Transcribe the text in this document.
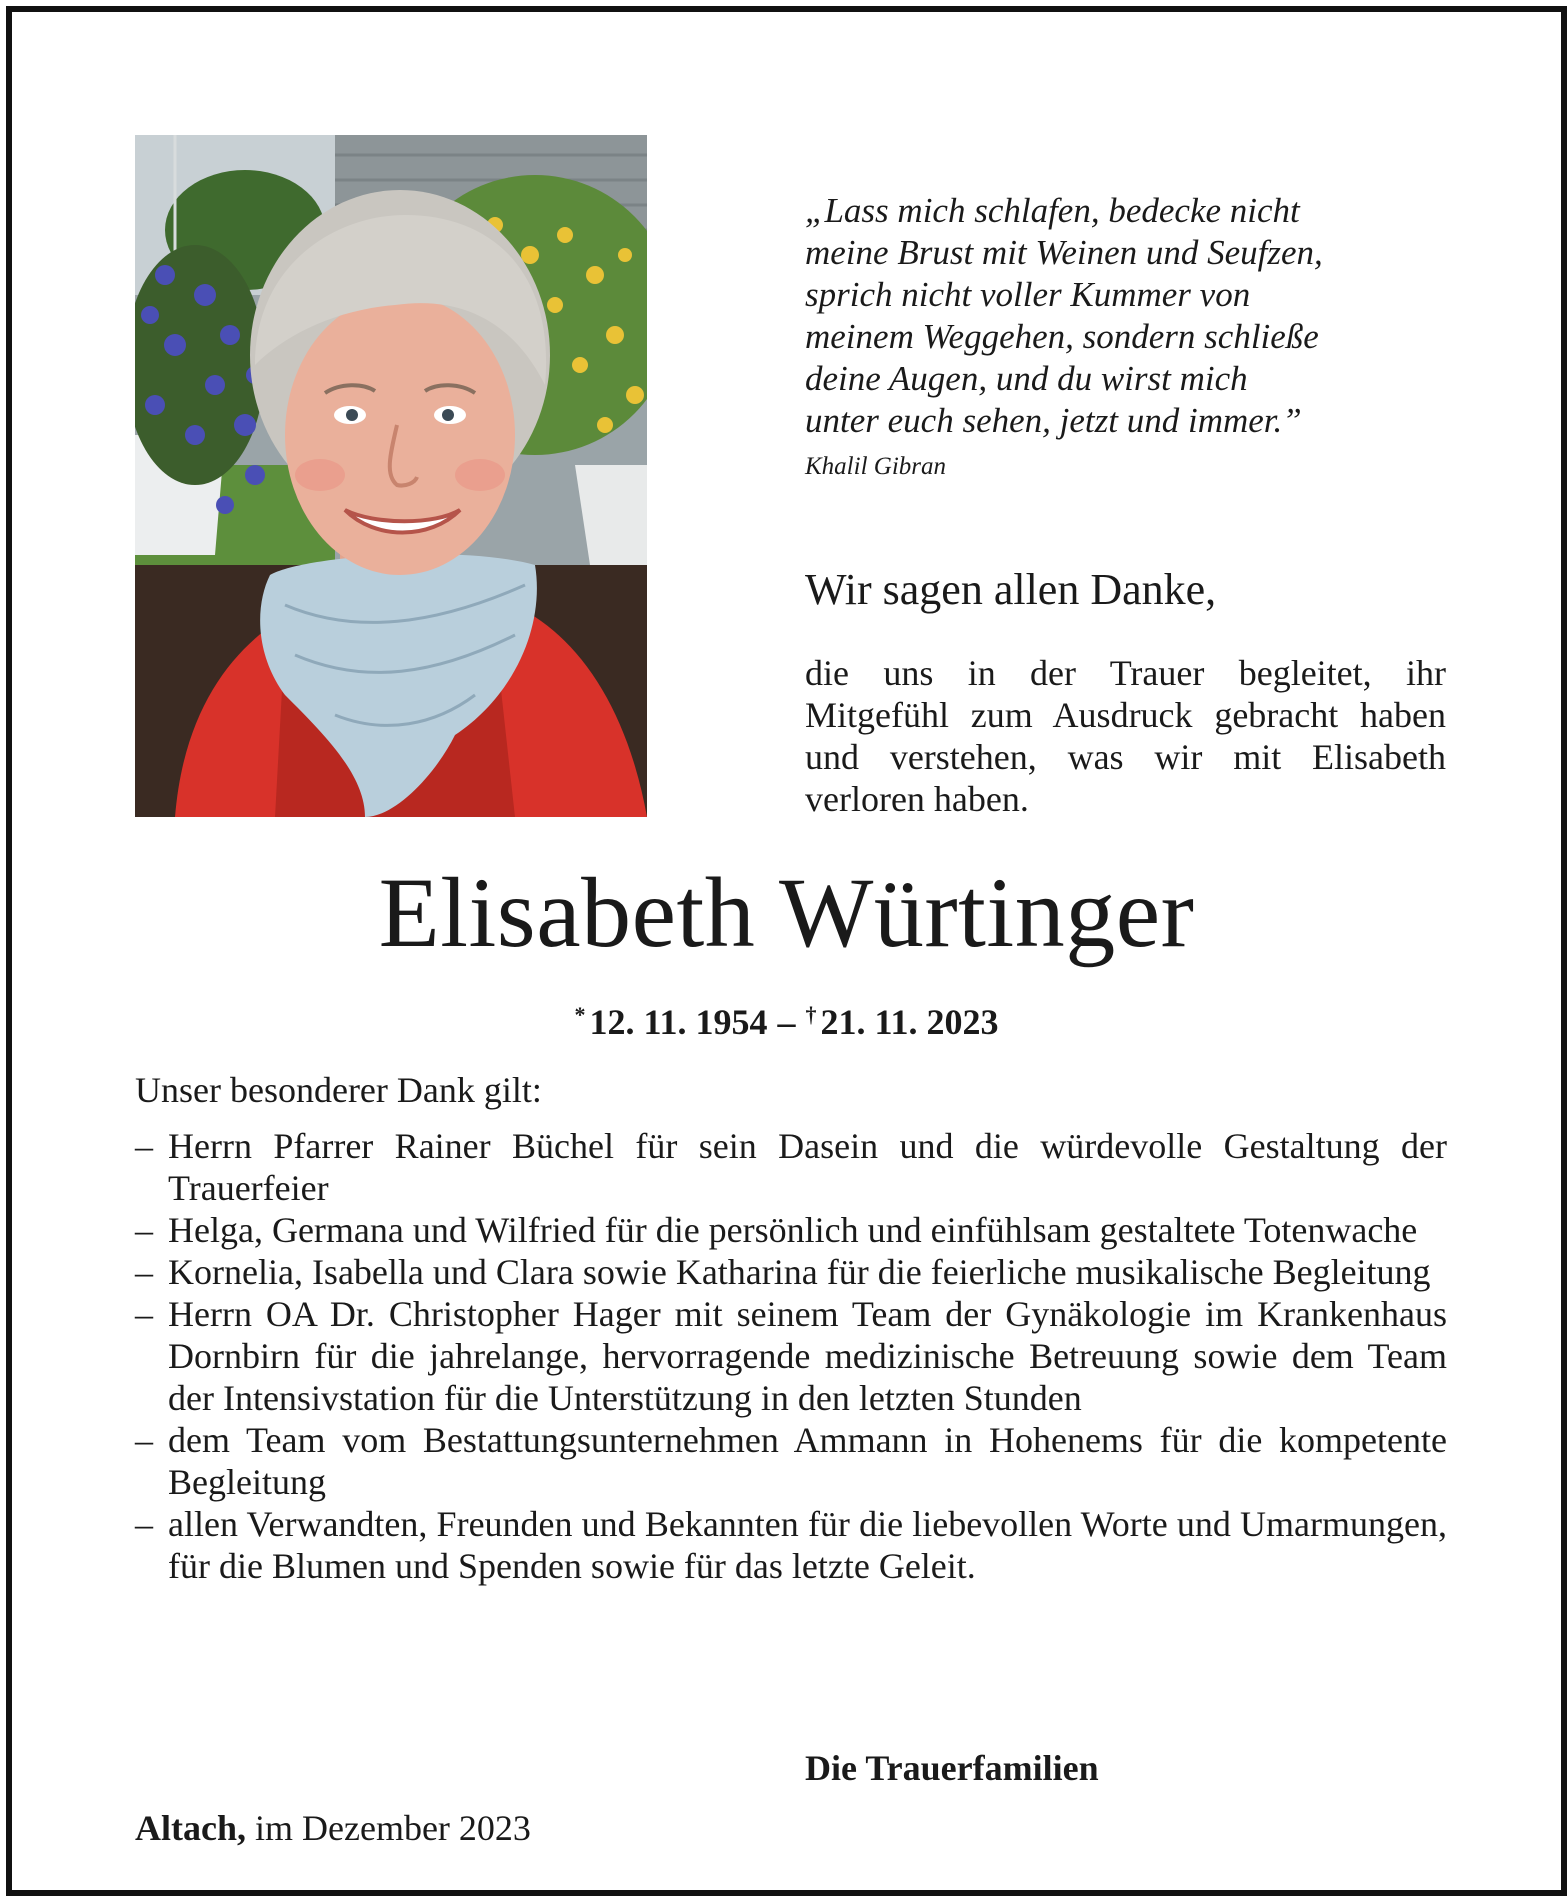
„Lass mich schlafen, bedecke nicht
meine Brust mit Weinen und Seufzen,
sprich nicht voller Kummer von
meinem Weggehen, sondern schließe
deine Augen, und du wirst mich
unter euch sehen, jetzt und immer.”

Khalil Gibran
Wir sagen allen Danke,

die uns in der Trauer begleitet, ihr Mitgefühl zum Ausdruck gebracht haben und verstehen, was wir mit Elisabeth verloren haben.

Elisabeth Würtinger
* 12. 11. 1954 – † 21. 11. 2023
Unser besonderer Dank gilt:
– Herrn Pfarrer Rainer Büchel für sein Dasein und die würdevolle Gestaltung der Trauerfeier
– Helga, Germana und Wilfried für die persönlich und einfühlsam gestaltete Totenwache
– Kornelia, Isabella und Clara sowie Katharina für die feierliche musikalische Begleitung
– Herrn OA Dr. Christopher Hager mit seinem Team der Gynäkologie im Krankenhaus Dornbirn für die jahrelange, hervorragende medizinische Betreuung sowie dem Team der Intensivstation für die Unterstützung in den letzten Stunden
– dem Team vom Bestattungsunternehmen Ammann in Hohenems für die kompetente Begleitung
– allen Verwandten, Freunden und Bekannten für die liebevollen Worte und Umarmungen, für die Blumen und Spenden sowie für das letzte Geleit.
Die Trauerfamilien
Altach, im Dezember 2023
